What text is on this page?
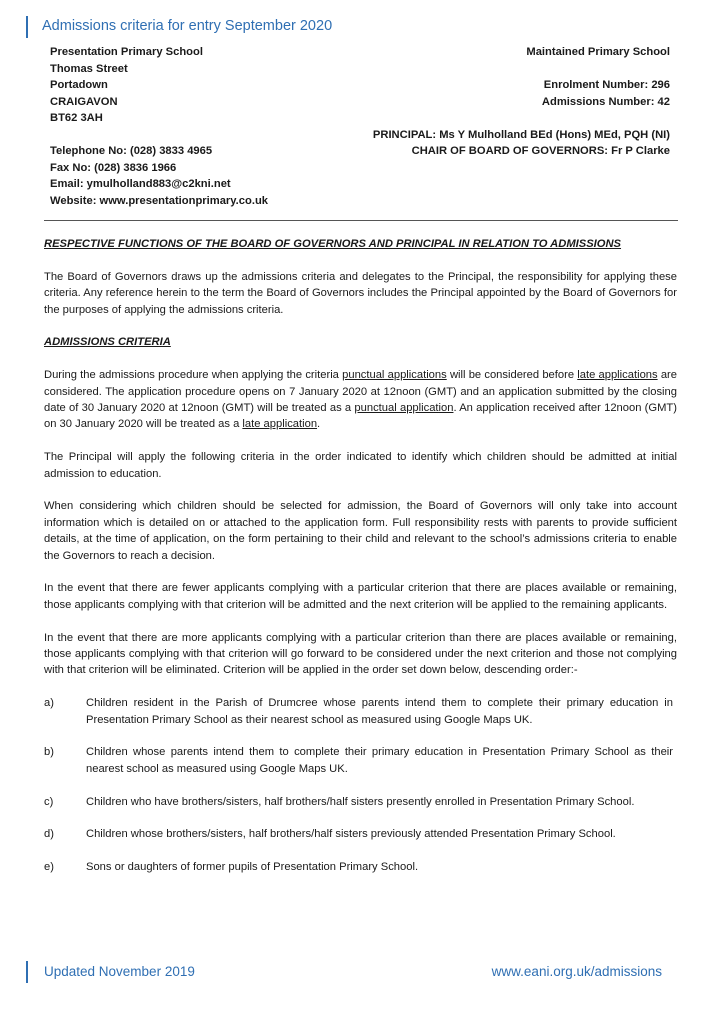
Admissions criteria for entry September 2020
Presentation Primary School
Thomas Street
Portadown
CRAIGAVON
BT62 3AH
Telephone No: (028) 3833 4965
Fax No: (028) 3836 1966
Email: ymulholland883@c2kni.net
Website: www.presentationprimary.co.uk
Maintained Primary School
Enrolment Number: 296
Admissions Number: 42
PRINCIPAL: Ms Y Mulholland BEd (Hons) MEd, PQH (NI)
CHAIR OF BOARD OF GOVERNORS: Fr P Clarke

RESPECTIVE FUNCTIONS OF THE BOARD OF GOVERNORS AND PRINCIPAL IN RELATION TO ADMISSIONS

The Board of Governors draws up the admissions criteria and delegates to the Principal, the responsibility for applying these criteria. Any reference herein to the term the Board of Governors includes the Principal appointed by the Board of Governors for the purposes of applying the admissions criteria.

ADMISSIONS CRITERIA

During the admissions procedure when applying the criteria punctual applications will be considered before late applications are considered. The application procedure opens on 7 January 2020 at 12noon (GMT) and an application submitted by the closing date of 30 January 2020 at 12noon (GMT) will be treated as a punctual application. An application received after 12noon (GMT) on 30 January 2020 will be treated as a late application.

The Principal will apply the following criteria in the order indicated to identify which children should be admitted at initial admission to education.

When considering which children should be selected for admission, the Board of Governors will only take into account information which is detailed on or attached to the application form. Full responsibility rests with parents to provide sufficient details, at the time of application, on the form pertaining to their child and relevant to the school’s admissions criteria to enable the Governors to reach a decision.

In the event that there are fewer applicants complying with a particular criterion that there are places available or remaining, those applicants complying with that criterion will be admitted and the next criterion will be applied to the remaining applicants.

In the event that there are more applicants complying with a particular criterion than there are places available or remaining, those applicants complying with that criterion will go forward to be considered under the next criterion and those not complying with that criterion will be eliminated. Criterion will be applied in the order set down below, descending order:-

a)	Children resident in the Parish of Drumcree whose parents intend them to complete their primary education in Presentation Primary School as their nearest school as measured using Google Maps UK.
b)	Children whose parents intend them to complete their primary education in Presentation Primary School as their nearest school as measured using Google Maps UK.
c)	Children who have brothers/sisters, half brothers/half sisters presently enrolled in Presentation Primary School.
d)	Children whose brothers/sisters, half brothers/half sisters previously attended Presentation Primary School.
e)	Sons or daughters of former pupils of Presentation Primary School.
Updated November 2019	www.eani.org.uk/admissions
